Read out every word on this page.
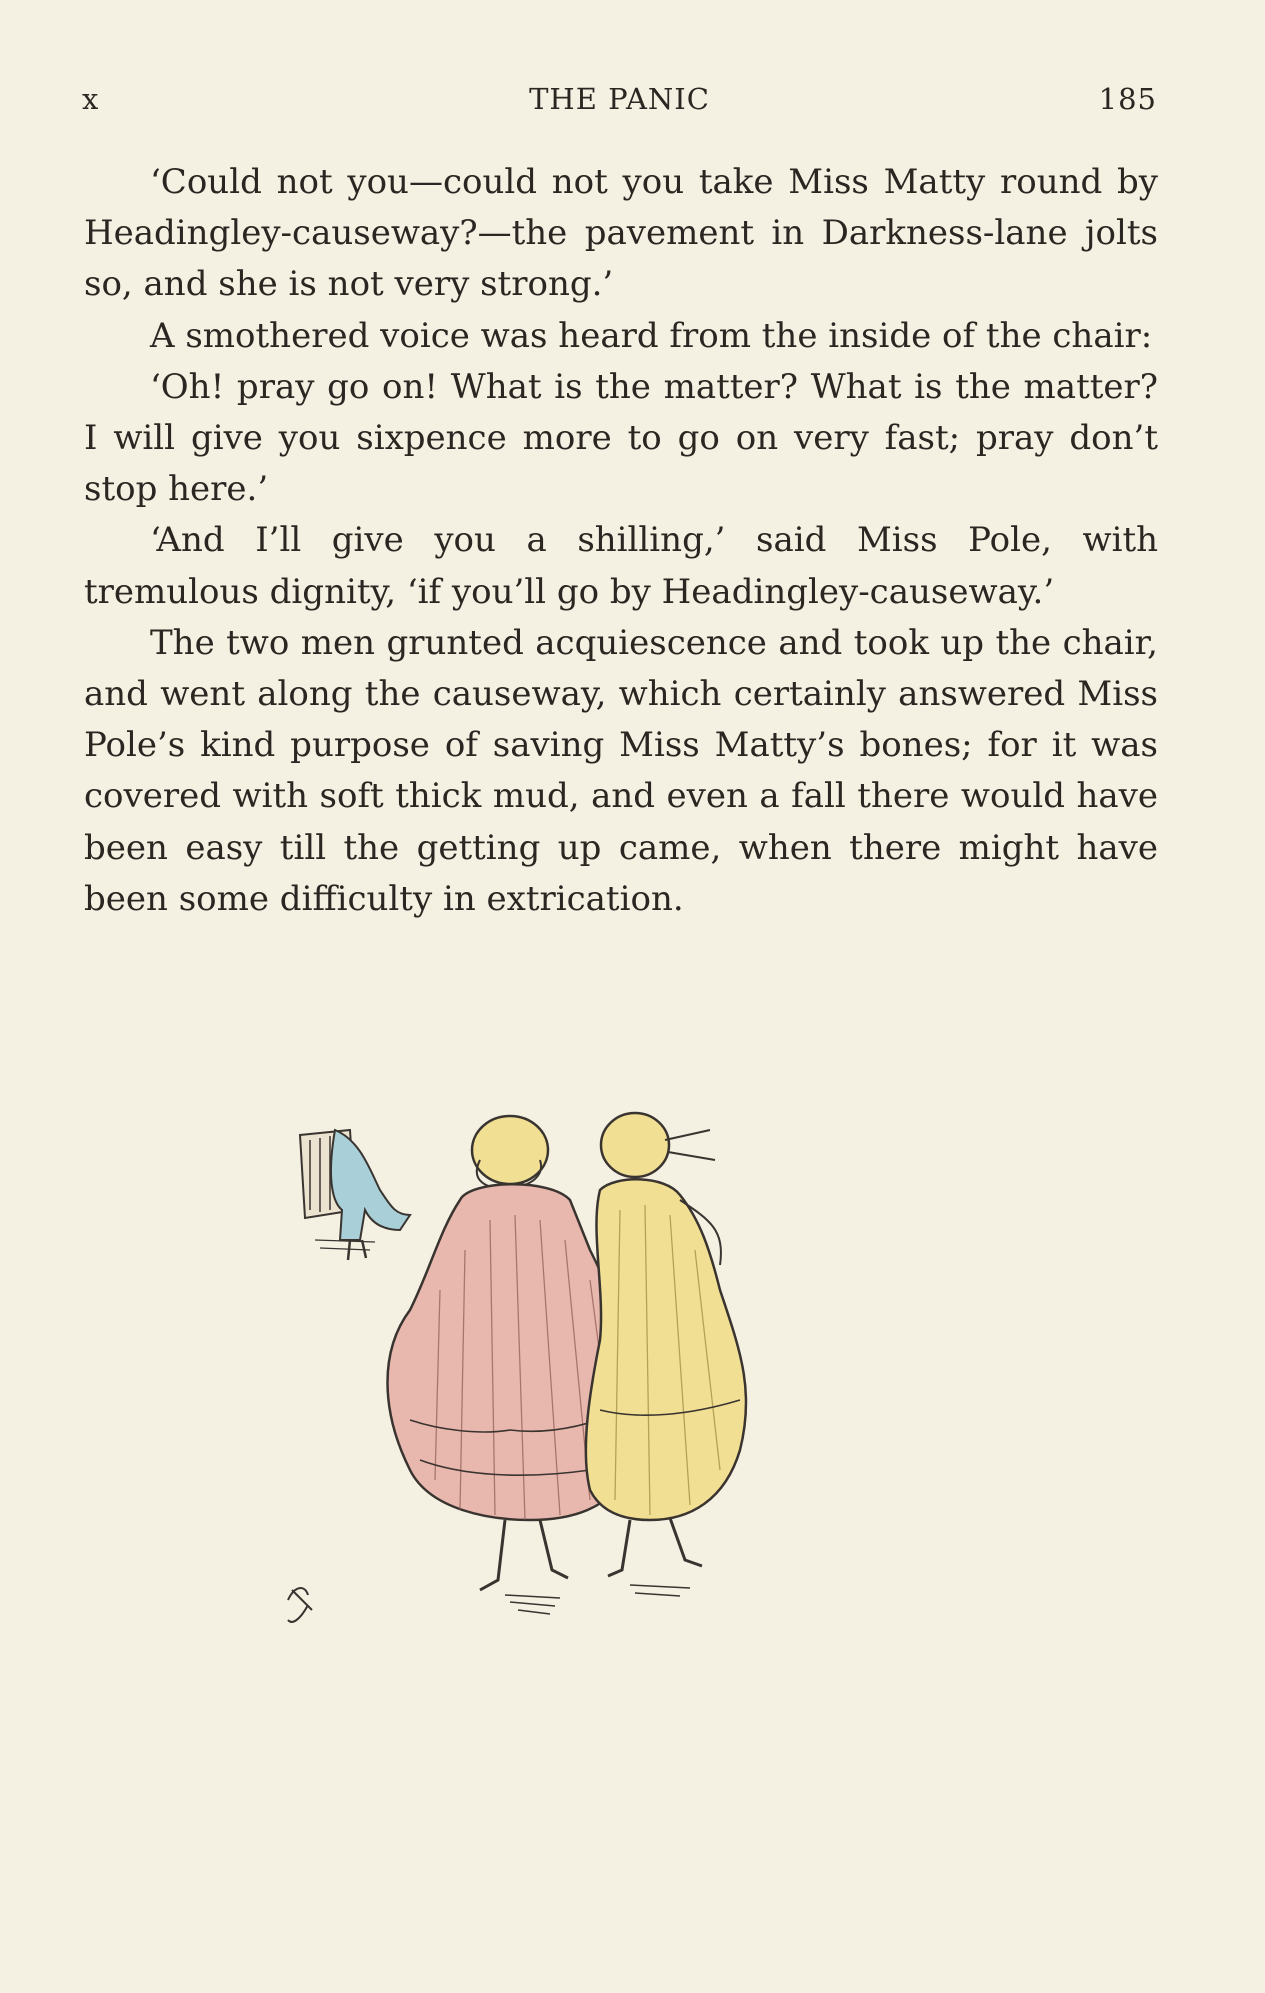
x	THE PANIC	185

‘Could not you—could not you take Miss Matty round by Headingley-causeway?—the pavement in Darkness-lane jolts so, and she is not very strong.’

A smothered voice was heard from the inside of the chair:

‘Oh! pray go on! What is the matter? What is the matter? I will give you sixpence more to go on very fast; pray don’t stop here.’

‘And I’ll give you a shilling,’ said Miss Pole, with tremulous dignity, ‘if you’ll go by Headingley-causeway.’

The two men grunted acquiescence and took up the chair, and went along the causeway, which certainly answered Miss Pole’s kind purpose of saving Miss Matty’s bones; for it was covered with soft thick mud, and even a fall there would have been easy till the getting up came, when there might have been some difficulty in extrication.
